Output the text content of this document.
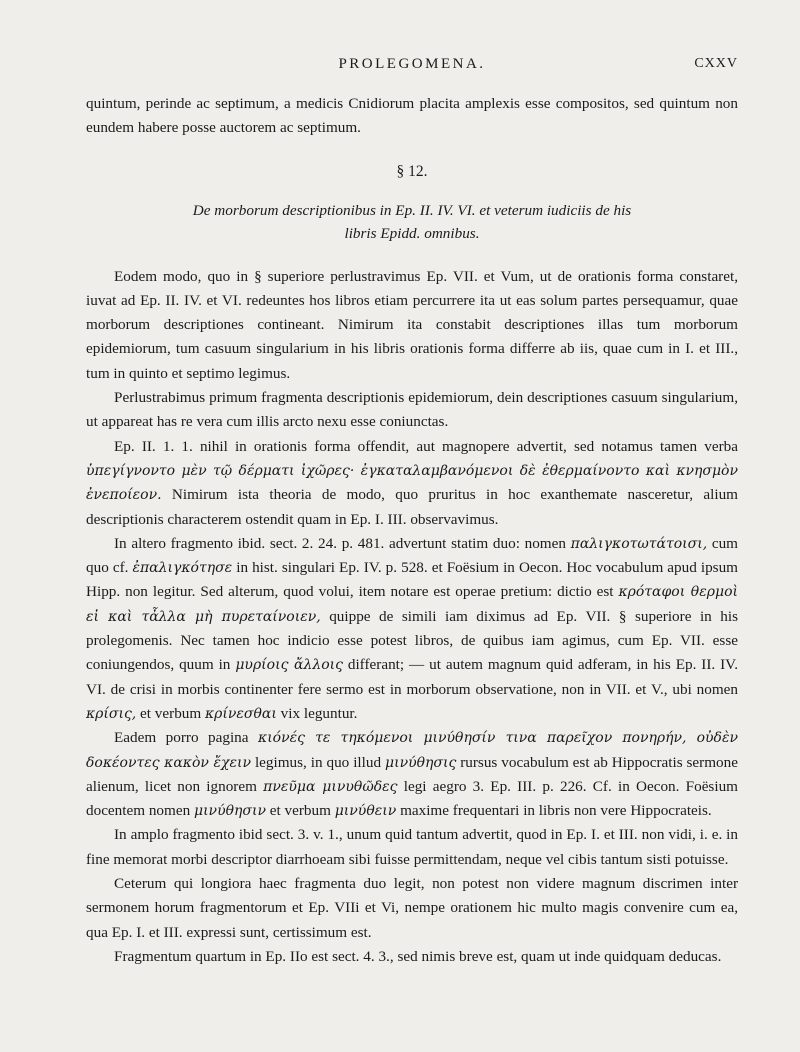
PROLEGOMENA.	CXXV

quintum, perinde ac septimum, a medicis Cnidiorum placita amplexis esse compositos, sed quintum non eundem habere posse auctorem ac septimum.

§ 12.
De morborum descriptionibus in Ep. II. IV. VI. et veterum iudiciis de his
libris Epidd. omnibus.

Eodem modo, quo in § superiore perlustravimus Ep. VII. et Vum, ut de orationis forma constaret, iuvat ad Ep. II. IV. et VI. redeuntes hos libros etiam percurrere ita ut eas solum partes persequamur, quae morborum descriptiones contineant. Nimirum ita constabit descriptiones illas tum morborum epidemiorum, tum casuum singularium in his libris orationis forma differre ab iis, quae cum in I. et III., tum in quinto et septimo legimus.

Perlustrabimus primum fragmenta descriptionis epidemiorum, dein descriptiones casuum singularium, ut appareat has re vera cum illis arcto nexu esse coniunctas.

Ep. II. 1. 1. nihil in orationis forma offendit, aut magnopere advertit, sed notamus tamen verba ὑπεγίγνοντο μὲν τῷ δέρματι ἰχῶρες· ἐγκαταλαμβανόμενοι δὲ ἐθερμαίνοντο καὶ κνησμὸν ἐνεποίεον. Nimirum ista theoria de modo, quo pruritus in hoc exanthemate nasceretur, alium descriptionis characterem ostendit quam in Ep. I. III. observavimus.

In altero fragmento ibid. sect. 2. 24. p. 481. advertunt statim duo: nomen παλιγκοτωτάτοισι, cum quo cf. ἐπαλιγκότησε in hist. singulari Ep. IV. p. 528. et Foësium in Oecon. Hoc vocabulum apud ipsum Hipp. non legitur. Sed alterum, quod volui, item notare est operae pretium: dictio est κρόταφοι θερμοὶ εἰ καὶ τἆλλα μὴ πυρεταίνοιεν, quippe de simili iam diximus ad Ep. VII. § superiore in his prolegomenis. Nec tamen hoc indicio esse potest libros, de quibus iam agimus, cum Ep. VII. esse coniungendos, quum in μυρίοις ἄλλοις differant; — ut autem magnum quid adferam, in his Ep. II. IV. VI. de crisi in morbis continenter fere sermo est in morborum observatione, non in VII. et V., ubi nomen κρίσις, et verbum κρίνεσθαι vix leguntur.

Eadem porro pagina κιόνές τε τηκόμενοι μινύθησίν τινα παρεῖχον πονηρήν, οὐδὲν δοκέοντες κακὸν ἔχειν legimus, in quo illud μινύθησις rursus vocabulum est ab Hippocratis sermone alienum, licet non ignorem πνεῦμα μινυθῶδες legi aegro 3. Ep. III. p. 226. Cf. in Oecon. Foësium docentem nomen μινύθησιν et verbum μινύθειν maxime frequentari in libris non vere Hippocrateis.

In amplo fragmento ibid sect. 3. v. 1., unum quid tantum advertit, quod in Ep. I. et III. non vidi, i. e. in fine memorat morbi descriptor diarrhoeam sibi fuisse permittendam, neque vel cibis tantum sisti potuisse.

Ceterum qui longiora haec fragmenta duo legit, non potest non videre magnum discrimen inter sermonem horum fragmentorum et Ep. VIIi et Vi, nempe orationem hic multo magis convenire cum ea, qua Ep. I. et III. expressi sunt, certissimum est.

Fragmentum quartum in Ep. IIo est sect. 4. 3., sed nimis breve est, quam ut inde quidquam deducas.
